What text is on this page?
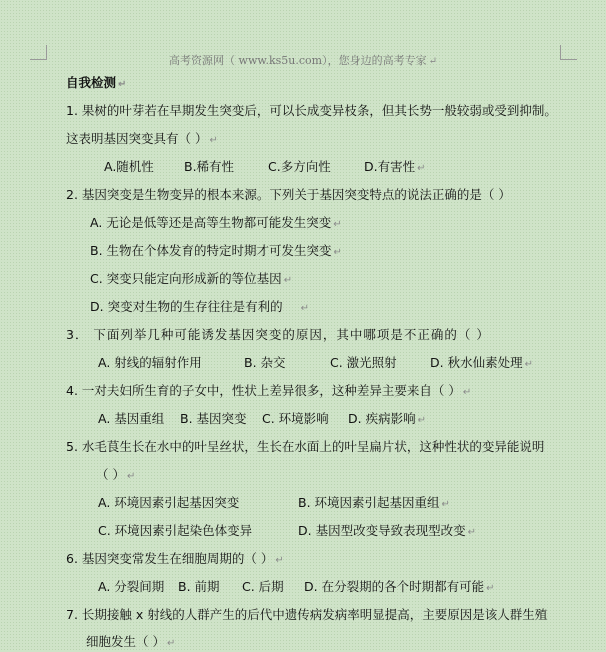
高考资源网（ www.ks5u.com），您身边的高考专家 ↵
自我检测 ↵
1. 果树的叶芽若在早期发生突变后，可以长成变异枝条，但其长势一般较弱或受到抑制。
这表明基因突变具有（ ） ↵
A.随机性 B.稀有性	C.多方向性	D.有害性 ↵
2. 基因突变是生物变异的根本来源。下列关于基因突变特点的说法正确的是（ ）
A. 无论是低等还是高等生物都可能发生突变 ↵
B. 生物在个体发育的特定时期才可发生突变 ↵
C. 突变只能定向形成新的等位基因 ↵
D. 突变对生物的生存往往是有利的 ↵
3． 下面列举几种可能诱发基因突变的原因，其中哪项是不正确的（ ）
A. 射线的辐射作用	B. 杂交	C. 激光照射	D. 秋水仙素处理 ↵
4. 一对夫妇所生育的子女中，性状上差异很多，这种差异主要来自（ ） ↵
A. 基因重组 B. 基因突变 C. 环境影响 D. 疾病影响 ↵
5. 水毛茛生长在水中的叶呈丝状，生长在水面上的叶呈扁片状，这种性状的变异能说明
（ ） ↵
A. 环境因素引起基因突变	B. 环境因素引起基因重组 ↵
C. 环境因素引起染色体变异	D. 基因型改变导致表现型改变 ↵
6. 基因突变常发生在细胞周期的（ ） ↵
A. 分裂间期 B. 前期 C. 后期 D. 在分裂期的各个时期都有可能 ↵
7. 长期接触 x 射线的人群产生的后代中遗传病发病率明显提高，主要原因是该人群生殖
细胞发生（ ） ↵
